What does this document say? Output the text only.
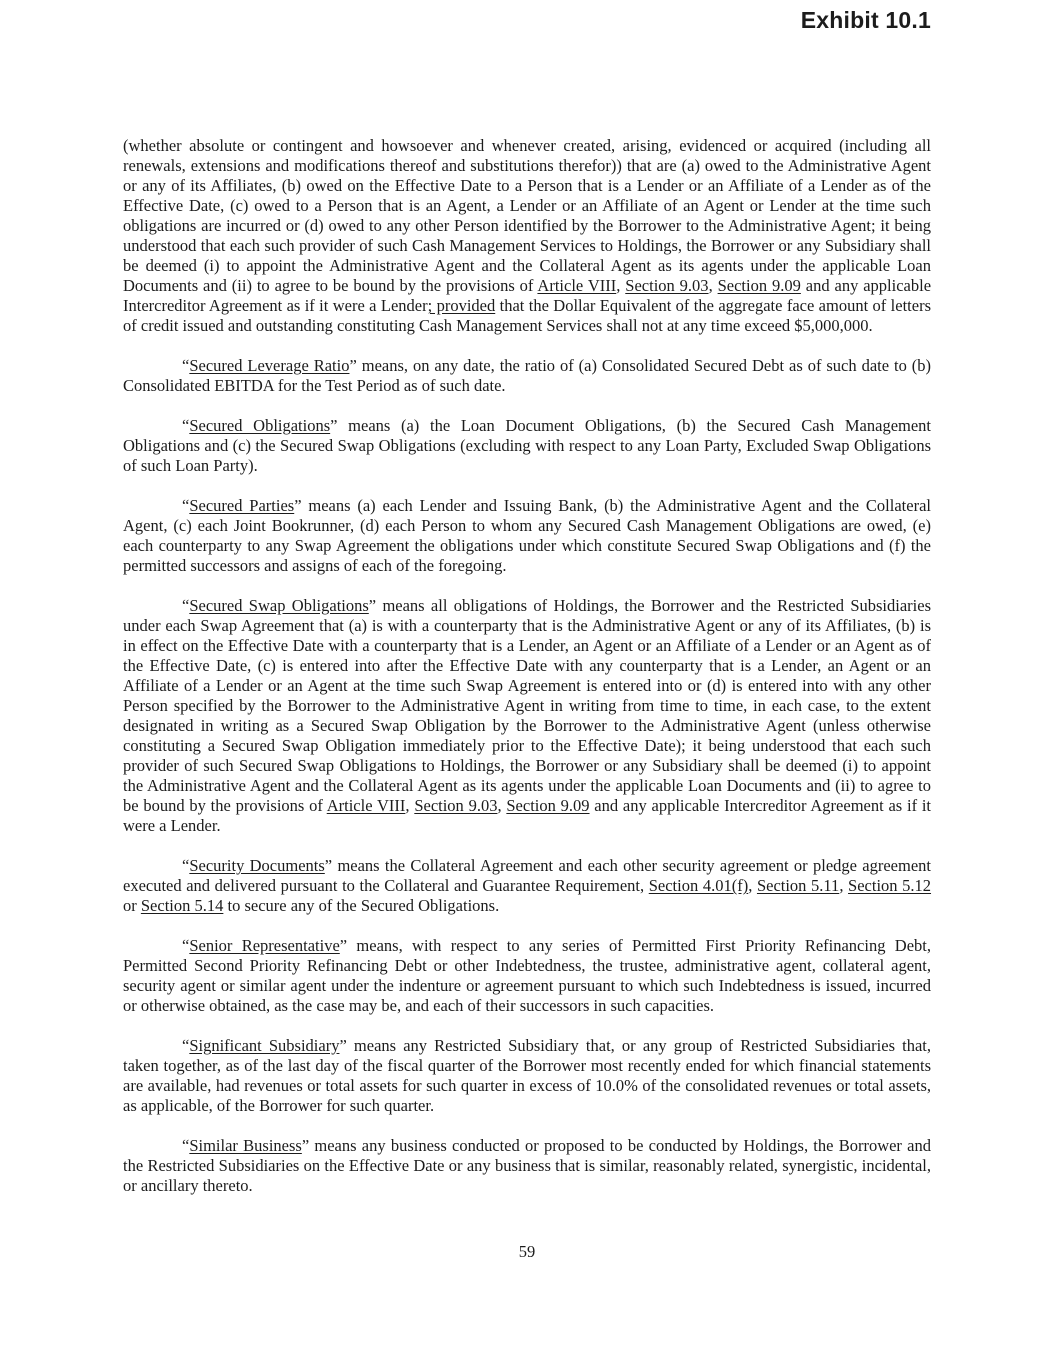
Exhibit 10.1

(whether absolute or contingent and howsoever and whenever created, arising, evidenced or acquired (including all renewals, extensions and modifications thereof and substitutions therefor)) that are (a) owed to the Administrative Agent or any of its Affiliates, (b) owed on the Effective Date to a Person that is a Lender or an Affiliate of a Lender as of the Effective Date, (c) owed to a Person that is an Agent, a Lender or an Affiliate of an Agent or Lender at the time such obligations are incurred or (d) owed to any other Person identified by the Borrower to the Administrative Agent; it being understood that each such provider of such Cash Management Services to Holdings, the Borrower or any Subsidiary shall be deemed (i) to appoint the Administrative Agent and the Collateral Agent as its agents under the applicable Loan Documents and (ii) to agree to be bound by the provisions of Article VIII, Section 9.03, Section 9.09 and any applicable Intercreditor Agreement as if it were a Lender; provided that the Dollar Equivalent of the aggregate face amount of letters of credit issued and outstanding constituting Cash Management Services shall not at any time exceed $5,000,000.

“Secured Leverage Ratio” means, on any date, the ratio of (a) Consolidated Secured Debt as of such date to (b) Consolidated EBITDA for the Test Period as of such date.

“Secured Obligations” means (a) the Loan Document Obligations, (b) the Secured Cash Management Obligations and (c) the Secured Swap Obligations (excluding with respect to any Loan Party, Excluded Swap Obligations of such Loan Party).

“Secured Parties” means (a) each Lender and Issuing Bank, (b) the Administrative Agent and the Collateral Agent, (c) each Joint Bookrunner, (d) each Person to whom any Secured Cash Management Obligations are owed, (e) each counterparty to any Swap Agreement the obligations under which constitute Secured Swap Obligations and (f) the permitted successors and assigns of each of the foregoing.

“Secured Swap Obligations” means all obligations of Holdings, the Borrower and the Restricted Subsidiaries under each Swap Agreement that (a) is with a counterparty that is the Administrative Agent or any of its Affiliates, (b) is in effect on the Effective Date with a counterparty that is a Lender, an Agent or an Affiliate of a Lender or an Agent as of the Effective Date, (c) is entered into after the Effective Date with any counterparty that is a Lender, an Agent or an Affiliate of a Lender or an Agent at the time such Swap Agreement is entered into or (d) is entered into with any other Person specified by the Borrower to the Administrative Agent in writing from time to time, in each case, to the extent designated in writing as a Secured Swap Obligation by the Borrower to the Administrative Agent (unless otherwise constituting a Secured Swap Obligation immediately prior to the Effective Date); it being understood that each such provider of such Secured Swap Obligations to Holdings, the Borrower or any Subsidiary shall be deemed (i) to appoint the Administrative Agent and the Collateral Agent as its agents under the applicable Loan Documents and (ii) to agree to be bound by the provisions of Article VIII, Section 9.03, Section 9.09 and any applicable Intercreditor Agreement as if it were a Lender.

“Security Documents” means the Collateral Agreement and each other security agreement or pledge agreement executed and delivered pursuant to the Collateral and Guarantee Requirement, Section 4.01(f), Section 5.11, Section 5.12 or Section 5.14 to secure any of the Secured Obligations.

“Senior Representative” means, with respect to any series of Permitted First Priority Refinancing Debt, Permitted Second Priority Refinancing Debt or other Indebtedness, the trustee, administrative agent, collateral agent, security agent or similar agent under the indenture or agreement pursuant to which such Indebtedness is issued, incurred or otherwise obtained, as the case may be, and each of their successors in such capacities.

“Significant Subsidiary” means any Restricted Subsidiary that, or any group of Restricted Subsidiaries that, taken together, as of the last day of the fiscal quarter of the Borrower most recently ended for which financial statements are available, had revenues or total assets for such quarter in excess of 10.0% of the consolidated revenues or total assets, as applicable, of the Borrower for such quarter.

“Similar Business” means any business conducted or proposed to be conducted by Holdings, the Borrower and the Restricted Subsidiaries on the Effective Date or any business that is similar, reasonably related, synergistic, incidental, or ancillary thereto.

59
